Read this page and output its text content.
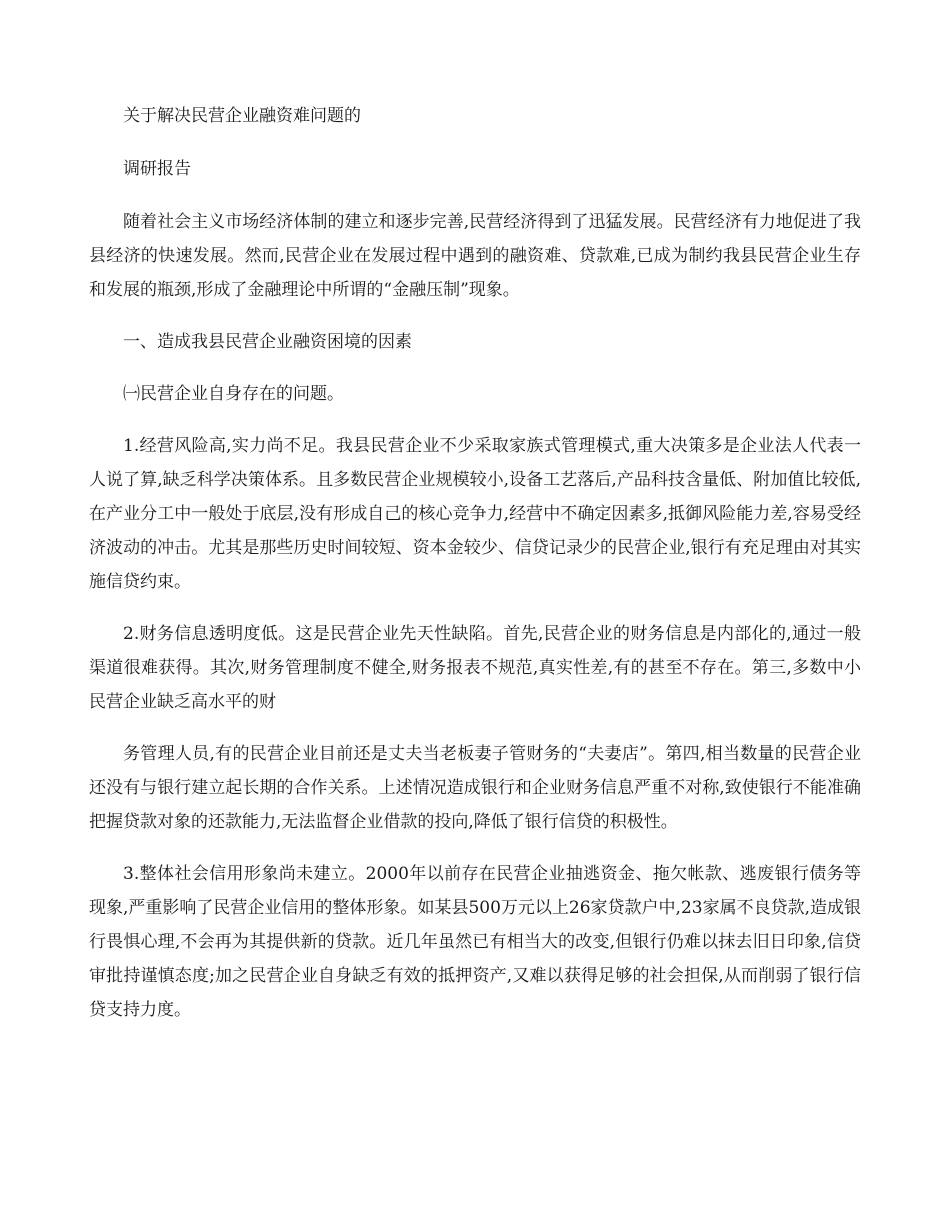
关于解决民营企业融资难问题的

调研报告

随着社会主义市场经济体制的建立和逐步完善,民营经济得到了迅猛发展。民营经济有力地促进了我县经济的快速发展。然而,民营企业在发展过程中遇到的融资难、贷款难,已成为制约我县民营企业生存和发展的瓶颈,形成了金融理论中所谓的“金融压制”现象。

一、造成我县民营企业融资困境的因素

㈠民营企业自身存在的问题。

1.经营风险高,实力尚不足。我县民营企业不少采取家族式管理模式,重大决策多是企业法人代表一人说了算,缺乏科学决策体系。且多数民营企业规模较小,设备工艺落后,产品科技含量低、附加值比较低,在产业分工中一般处于底层,没有形成自己的核心竞争力,经营中不确定因素多,抵御风险能力差,容易受经济波动的冲击。尤其是那些历史时间较短、资本金较少、信贷记录少的民营企业,银行有充足理由对其实施信贷约束。

2.财务信息透明度低。这是民营企业先天性缺陷。首先,民营企业的财务信息是内部化的,通过一般渠道很难获得。其次,财务管理制度不健全,财务报表不规范,真实性差,有的甚至不存在。第三,多数中小民营企业缺乏高水平的财

务管理人员,有的民营企业目前还是丈夫当老板妻子管财务的“夫妻店”。第四,相当数量的民营企业还没有与银行建立起长期的合作关系。上述情况造成银行和企业财务信息严重不对称,致使银行不能准确把握贷款对象的还款能力,无法监督企业借款的投向,降低了银行信贷的积极性。

3.整体社会信用形象尚未建立。2000年以前存在民营企业抽逃资金、拖欠帐款、逃废银行债务等现象,严重影响了民营企业信用的整体形象。如某县500万元以上26家贷款户中,23家属不良贷款,造成银行畏惧心理,不会再为其提供新的贷款。近几年虽然已有相当大的改变,但银行仍难以抹去旧日印象,信贷审批持谨慎态度;加之民营企业自身缺乏有效的抵押资产,又难以获得足够的社会担保,从而削弱了银行信贷支持力度。
